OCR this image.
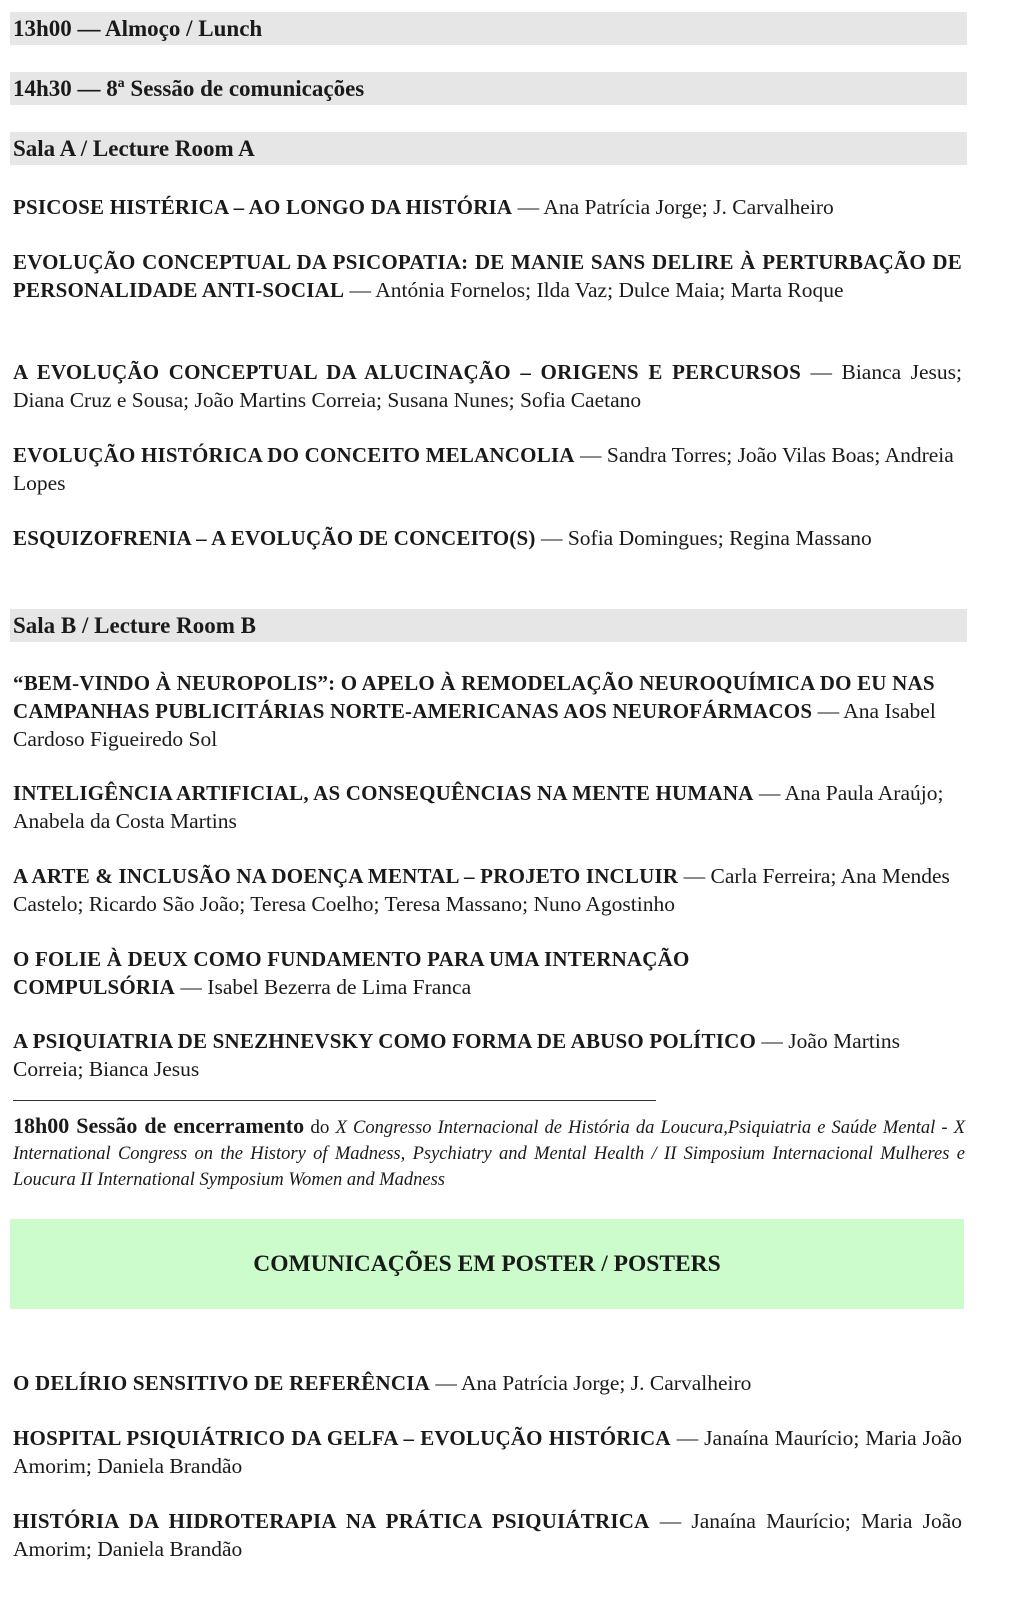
13h00 — Almoço / Lunch
14h30 — 8ª Sessão de comunicações
Sala A / Lecture Room A
PSICOSE HISTÉRICA – AO LONGO DA HISTÓRIA — Ana Patrícia Jorge; J. Carvalheiro
EVOLUÇÃO CONCEPTUAL DA PSICOPATIA: DE MANIE SANS DELIRE À PERTURBAÇÃO DE PERSONALIDADE ANTI-SOCIAL — Antónia Fornelos; Ilda Vaz; Dulce Maia; Marta Roque
A EVOLUÇÃO CONCEPTUAL DA ALUCINAÇÃO – ORIGENS E PERCURSOS — Bianca Jesus; Diana Cruz e Sousa; João Martins Correia; Susana Nunes; Sofia Caetano
EVOLUÇÃO HISTÓRICA DO CONCEITO MELANCOLIA — Sandra Torres; João Vilas Boas; Andreia Lopes
ESQUIZOFRENIA – A EVOLUÇÃO DE CONCEITO(S) — Sofia Domingues; Regina Massano
Sala B / Lecture Room B
“BEM-VINDO À NEUROPOLIS”: O APELO À REMODELAÇÃO NEUROQUÍMICA DO EU NAS CAMPANHAS PUBLICITÁRIAS NORTE-AMERICANAS AOS NEUROFÁRMACOS — Ana Isabel Cardoso Figueiredo Sol
INTELIGÊNCIA ARTIFICIAL, AS CONSEQUÊNCIAS NA MENTE HUMANA — Ana Paula Araújo; Anabela da Costa Martins
A ARTE & INCLUSÃO NA DOENÇA MENTAL – PROJETO INCLUIR — Carla Ferreira; Ana Mendes Castelo; Ricardo São João; Teresa Coelho; Teresa Massano; Nuno Agostinho
O FOLIE À DEUX COMO FUNDAMENTO PARA UMA INTERNAÇÃO COMPULSÓRIA — Isabel Bezerra de Lima Franca
A PSIQUIATRIA DE SNEZHNEVSKY COMO FORMA DE ABUSO POLÍTICO — João Martins Correia; Bianca Jesus
18h00 Sessão de encerramento do X Congresso Internacional de História da Loucura,Psiquiatria e Saúde Mental - X International Congress on the History of Madness, Psychiatry and Mental Health / II Simposium Internacional Mulheres e Loucura II International Symposium Women and Madness
COMUNICAÇÕES EM POSTER / POSTERS
O DELÍRIO SENSITIVO DE REFERÊNCIA — Ana Patrícia Jorge; J. Carvalheiro
HOSPITAL PSIQUIÁTRICO DA GELFA – EVOLUÇÃO HISTÓRICA — Janaína Maurício; Maria João Amorim; Daniela Brandão
HISTÓRIA DA HIDROTERAPIA NA PRÁTICA PSIQUIÁTRICA — Janaína Maurício; Maria João Amorim; Daniela Brandão
